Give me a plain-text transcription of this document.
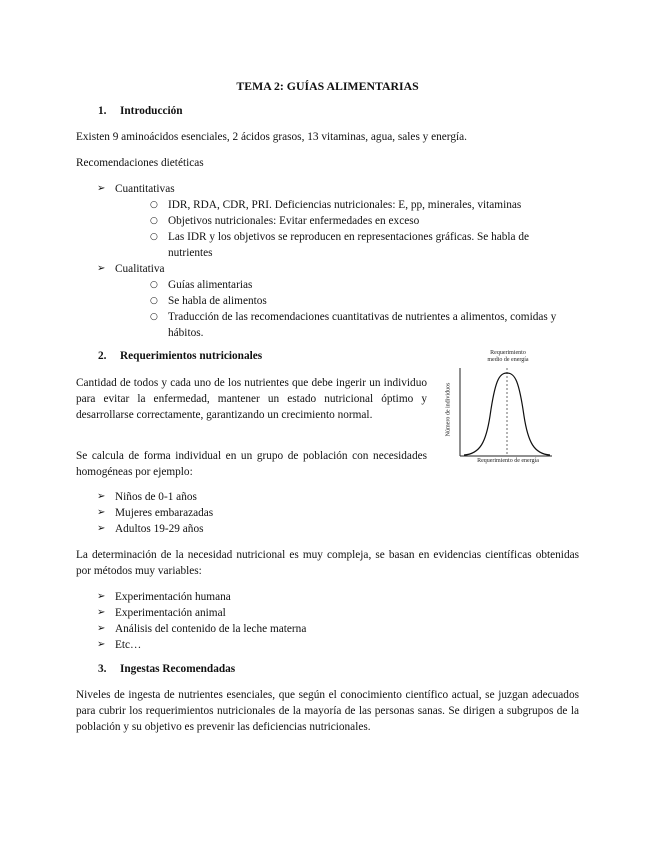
TEMA 2: GUÍAS ALIMENTARIAS
1. Introducción
Existen 9 aminoácidos esenciales, 2 ácidos grasos, 13 vitaminas, agua, sales y energía.
Recomendaciones dietéticas
➢ Cuantitativas
○ IDR, RDA, CDR, PRI. Deficiencias nutricionales: E, pp, minerales, vitaminas
○ Objetivos nutricionales: Evitar enfermedades en exceso
○ Las IDR y los objetivos se reproducen en representaciones gráficas. Se habla de nutrientes
➢ Cualitativa
○ Guías alimentarias
○ Se habla de alimentos
○ Traducción de las recomendaciones cuantitativas de nutrientes a alimentos, comidas y hábitos.
2. Requerimientos nutricionales
Cantidad de todos y cada uno de los nutrientes que debe ingerir un individuo para evitar la enfermedad, mantener un estado nutricional óptimo y desarrollarse correctamente, garantizando un crecimiento normal.
Se calcula de forma individual en un grupo de población con necesidades homogéneas por ejemplo:
Requerimiento
medio de energía
Número de individuos
Requerimiento de energía
➢ Niños de 0-1 años
➢ Mujeres embarazadas
➢ Adultos 19-29 años
La determinación de la necesidad nutricional es muy compleja, se basan en evidencias científicas obtenidas por métodos muy variables:
➢ Experimentación humana
➢ Experimentación animal
➢ Análisis del contenido de la leche materna
➢ Etc…
3. Ingestas Recomendadas
Niveles de ingesta de nutrientes esenciales, que según el conocimiento científico actual, se juzgan adecuados para cubrir los requerimientos nutricionales de la mayoría de las personas sanas. Se dirigen a subgrupos de la población y su objetivo es prevenir las deficiencias nutricionales.
